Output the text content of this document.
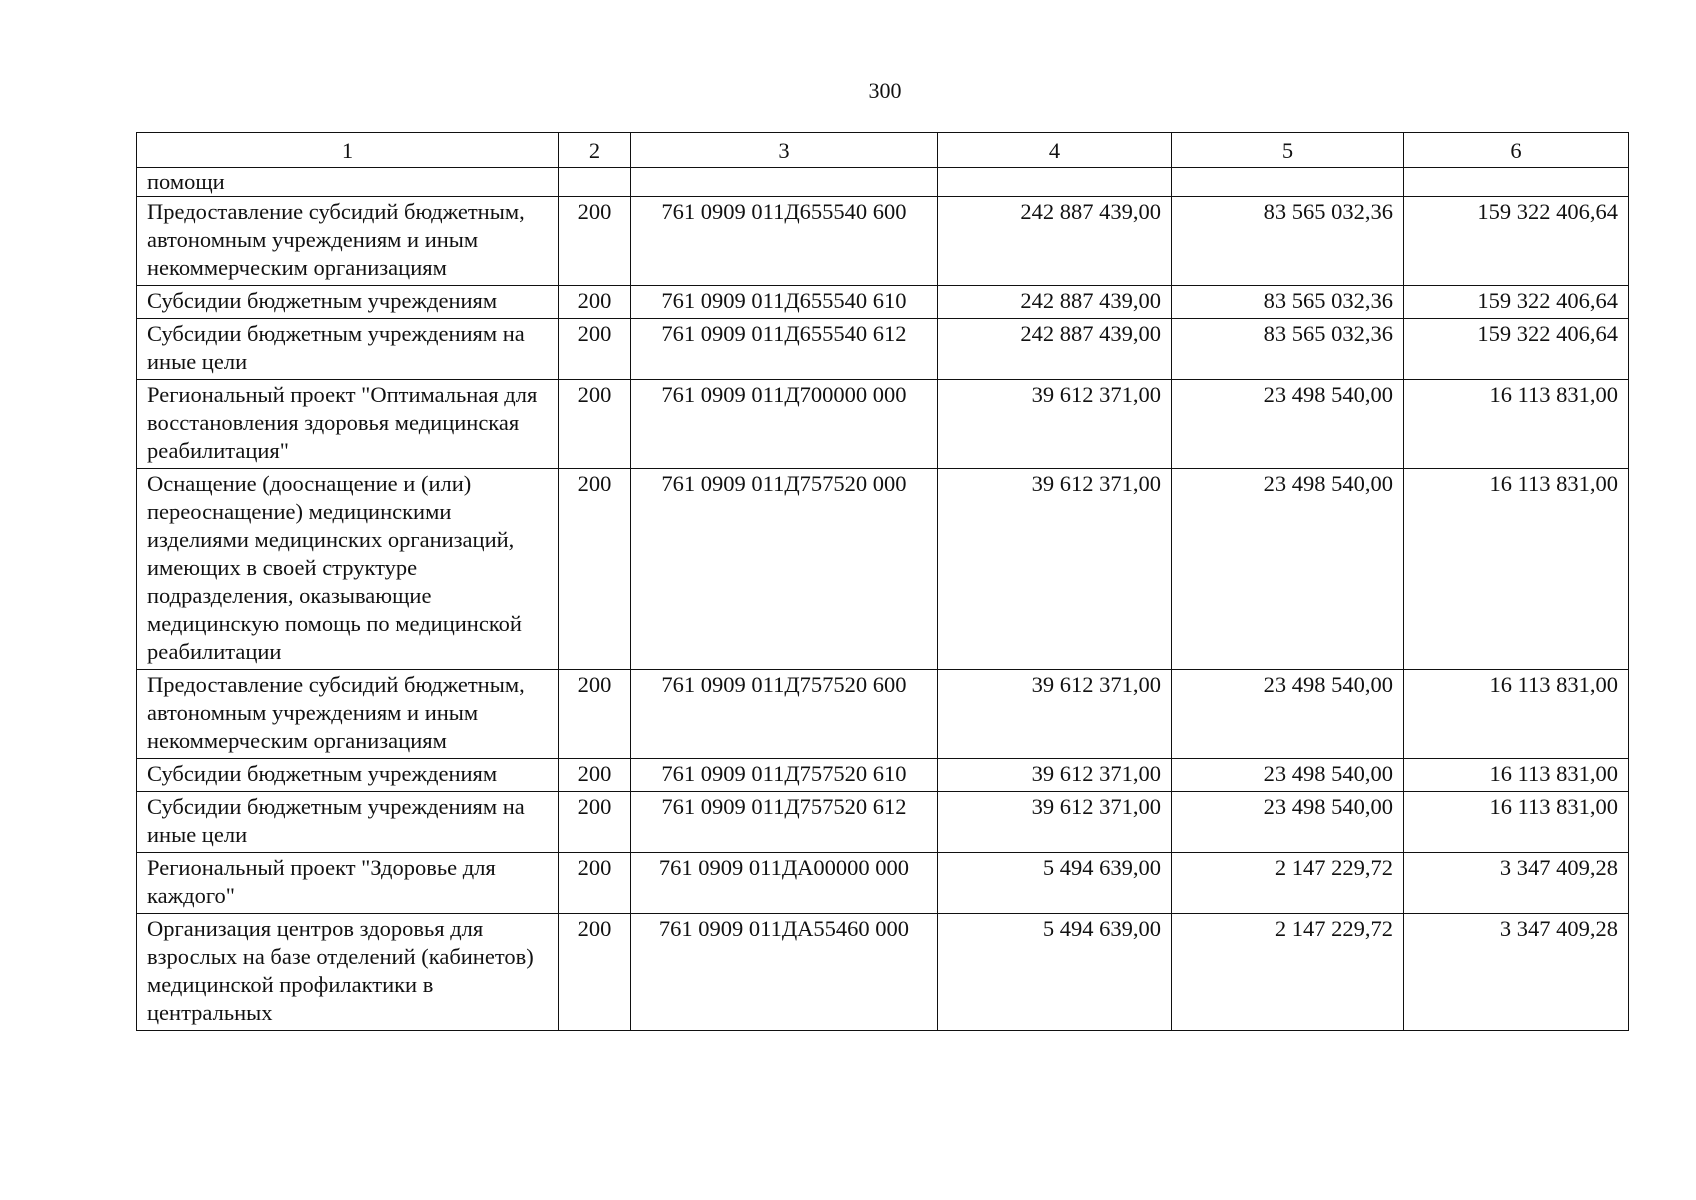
300
1	2	3	4	5	6
помощи					
Предоставление субсидий бюджетным, автономным учреждениям и иным некоммерческим организациям	200	761 0909 011Д655540 600	242 887 439,00	83 565 032,36	159 322 406,64
Субсидии бюджетным учреждениям	200	761 0909 011Д655540 610	242 887 439,00	83 565 032,36	159 322 406,64
Субсидии бюджетным учреждениям на иные цели	200	761 0909 011Д655540 612	242 887 439,00	83 565 032,36	159 322 406,64
Региональный проект "Оптимальная для восстановления здоровья медицинская реабилитация"	200	761 0909 011Д700000 000	39 612 371,00	23 498 540,00	16 113 831,00
Оснащение (дооснащение и (или) переоснащение) медицинскими изделиями медицинских организаций, имеющих в своей структуре подразделения, оказывающие медицинскую помощь по медицинской реабилитации	200	761 0909 011Д757520 000	39 612 371,00	23 498 540,00	16 113 831,00
Предоставление субсидий бюджетным, автономным учреждениям и иным некоммерческим организациям	200	761 0909 011Д757520 600	39 612 371,00	23 498 540,00	16 113 831,00
Субсидии бюджетным учреждениям	200	761 0909 011Д757520 610	39 612 371,00	23 498 540,00	16 113 831,00
Субсидии бюджетным учреждениям на иные цели	200	761 0909 011Д757520 612	39 612 371,00	23 498 540,00	16 113 831,00
Региональный проект "Здоровье для каждого"	200	761 0909 011ДА00000 000	5 494 639,00	2 147 229,72	3 347 409,28
Организация центров здоровья для взрослых на базе отделений (кабинетов) медицинской профилактики в центральных	200	761 0909 011ДА55460 000	5 494 639,00	2 147 229,72	3 347 409,28
